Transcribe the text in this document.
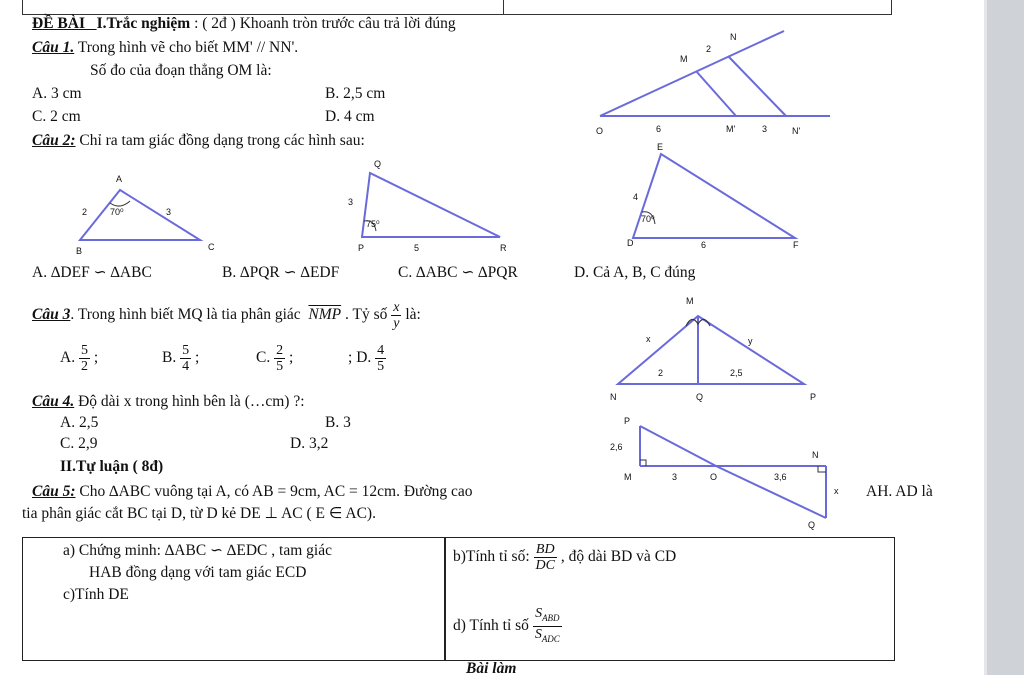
ĐỀ BÀI I.Trắc nghiệm : ( 2đ ) Khoanh tròn trước câu trả lời đúng
Câu 1. Trong hình vẽ cho biết MM' // NN'.
Số đo của đoạn thẳng OM là:
A. 3 cm	B. 2,5 cm
C. 2 cm	D. 4 cm
N
M
2
O	6	M'	3	N'
Câu 2: Chỉ ra tam giác đồng dạng trong các hình sau:
A
B	C
2	3
70⁰
Q
P	R
3
5
75⁰
E
D	F
4
6
70⁰
A. ∆DEF ∽ ∆ABC	B. ∆PQR ∽ ∆EDF	C. ∆ABC ∽ ∆PQR	D. Cả A, B, C đúng
Câu 3. Trong hình biết MQ là tia phân giác $\overline{NMP}$ . Tỷ số $\frac{x}{y}$ là:
A. $\frac{5}{2}$ ;	B. $\frac{5}{4}$ ;	C. $\frac{2}{5}$ ;	; D. $\frac{4}{5}$
M
x	y
2	2,5
N	Q	P
Câu 4. Độ dài x trong hình bên là (…cm) ?:
A. 2,5	B. 3
C. 2,9	D. 3,2
P
2,6
M	3	O	3,6
N
x
Q
II.Tự luận ( 8đ)
Câu 5: Cho ∆ABC vuông tại A, có AB = 9cm, AC = 12cm. Đường cao	AH. AD là
tia phân giác cắt BC tại D, từ D kẻ DE ⊥ AC ( E ∈ AC).
a) Chứng minh: ∆ABC ∽ ∆EDC , tam giác
HAB đồng dạng với tam giác ECD
c)Tính DE
b)Tính tỉ số: $\frac{BD}{DC}$ , độ dài BD và CD
d) Tính tỉ số $\frac{S_{ABD}}{S_{ADC}}$
Bài làm
